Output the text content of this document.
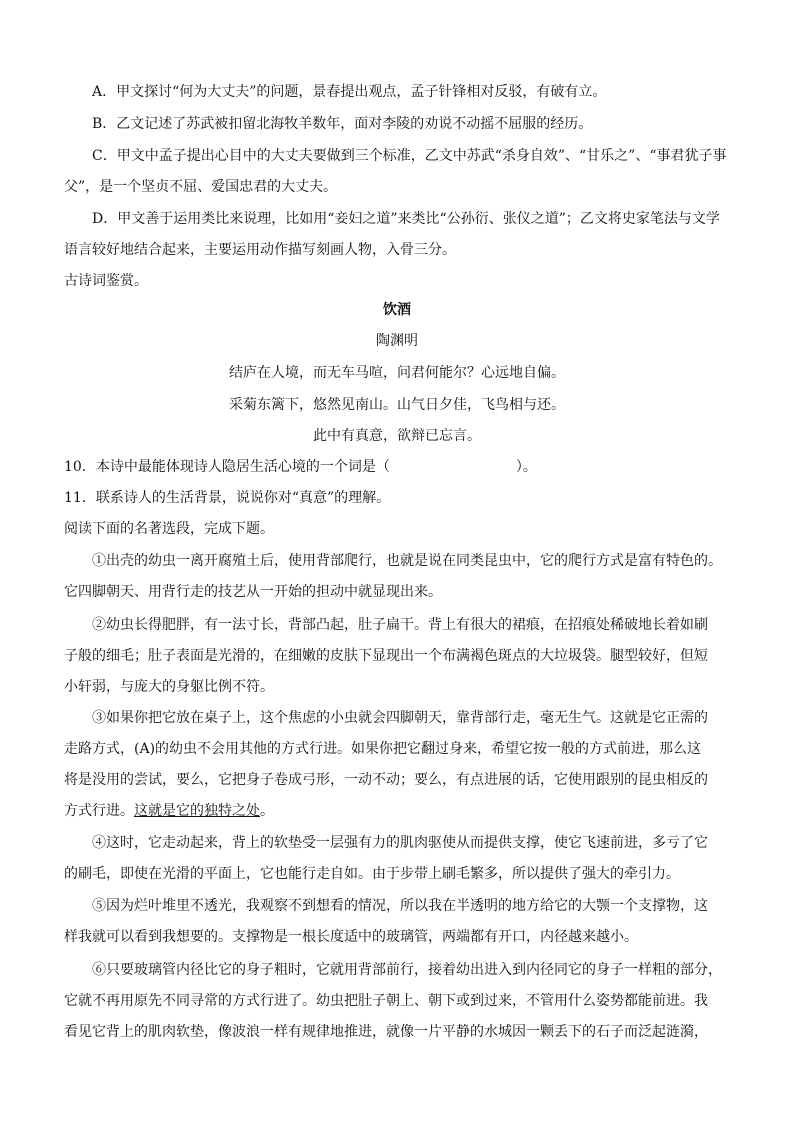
A．甲文探讨“何为大丈夫”的问题，景春提出观点，孟子针锋相对反驳，有破有立。
B．乙文记述了苏武被扣留北海牧羊数年，面对李陵的劝说不动摇不屈服的经历。
C．甲文中孟子提出心目中的大丈夫要做到三个标准，乙文中苏武“杀身自效”、“甘乐之”、“事君犹子事
父”，是一个坚贞不屈、爱国忠君的大丈夫。
D．甲文善于运用类比来说理，比如用“妾妇之道”来类比“公孙衍、张仪之道”；乙文将史家笔法与文学
语言较好地结合起来，主要运用动作描写刻画人物，入骨三分。
古诗词鉴赏。
饮酒
陶渊明
结庐在人境，而无车马喧，问君何能尔？心远地自偏。
采菊东篱下，悠然见南山。山气日夕佳，飞鸟相与还。
此中有真意，欲辩已忘言。
10．本诗中最能体现诗人隐居生活心境的一个词是（	）。
11．联系诗人的生活背景，说说你对“真意”的理解。
阅读下面的名著选段，完成下题。
①出壳的幼虫一离开腐殖土后，使用背部爬行，也就是说在同类昆虫中，它的爬行方式是富有特色的。
它四脚朝天、用背行走的技艺从一开始的担动中就显现出来。
②幼虫长得肥胖，有一法寸长，背部凸起，肚子扁干。背上有很大的裙痕，在招痕处稀破地长着如刷
子般的细毛；肚子表面是光滑的，在细嫩的皮肤下显现出一个布满褐色斑点的大垃圾袋。腿型较好，但短
小轩弱，与庞大的身躯比例不符。
③如果你把它放在桌子上，这个焦虑的小虫就会四脚朝天，靠背部行走，毫无生气。这就是它正需的
走路方式，(A)的幼虫不会用其他的方式行进。如果你把它翻过身来，希望它按一般的方式前进，那么这
将是没用的尝试，要么，它把身子卷成弓形，一动不动；要么，有点进展的话，它使用跟别的昆虫相反的
方式行进。这就是它的独特之处。
④这时，它走动起来，背上的软垫受一层强有力的肌肉驱使从而提供支撑，使它飞速前进，多亏了它
的刷毛，即使在光滑的平面上，它也能行走自如。由于步带上刷毛繁多，所以提供了强大的牵引力。
⑤因为烂叶堆里不透光，我观察不到想看的情况，所以我在半透明的地方给它的大颚一个支撑物，这
样我就可以看到我想要的。支撑物是一根长度适中的玻璃管，两端都有开口，内径越来越小。
⑥只要玻璃管内径比它的身子粗时，它就用背部前行，接着幼出进入到内径同它的身子一样粗的部分，
它就不再用原先不同寻常的方式行进了。幼虫把肚子朝上、朝下或到过来，不管用什么姿势都能前进。我
看见它背上的肌肉软垫，像波浪一样有规律地推进，就像一片平静的水城因一颗丢下的石子而泛起涟漪，
